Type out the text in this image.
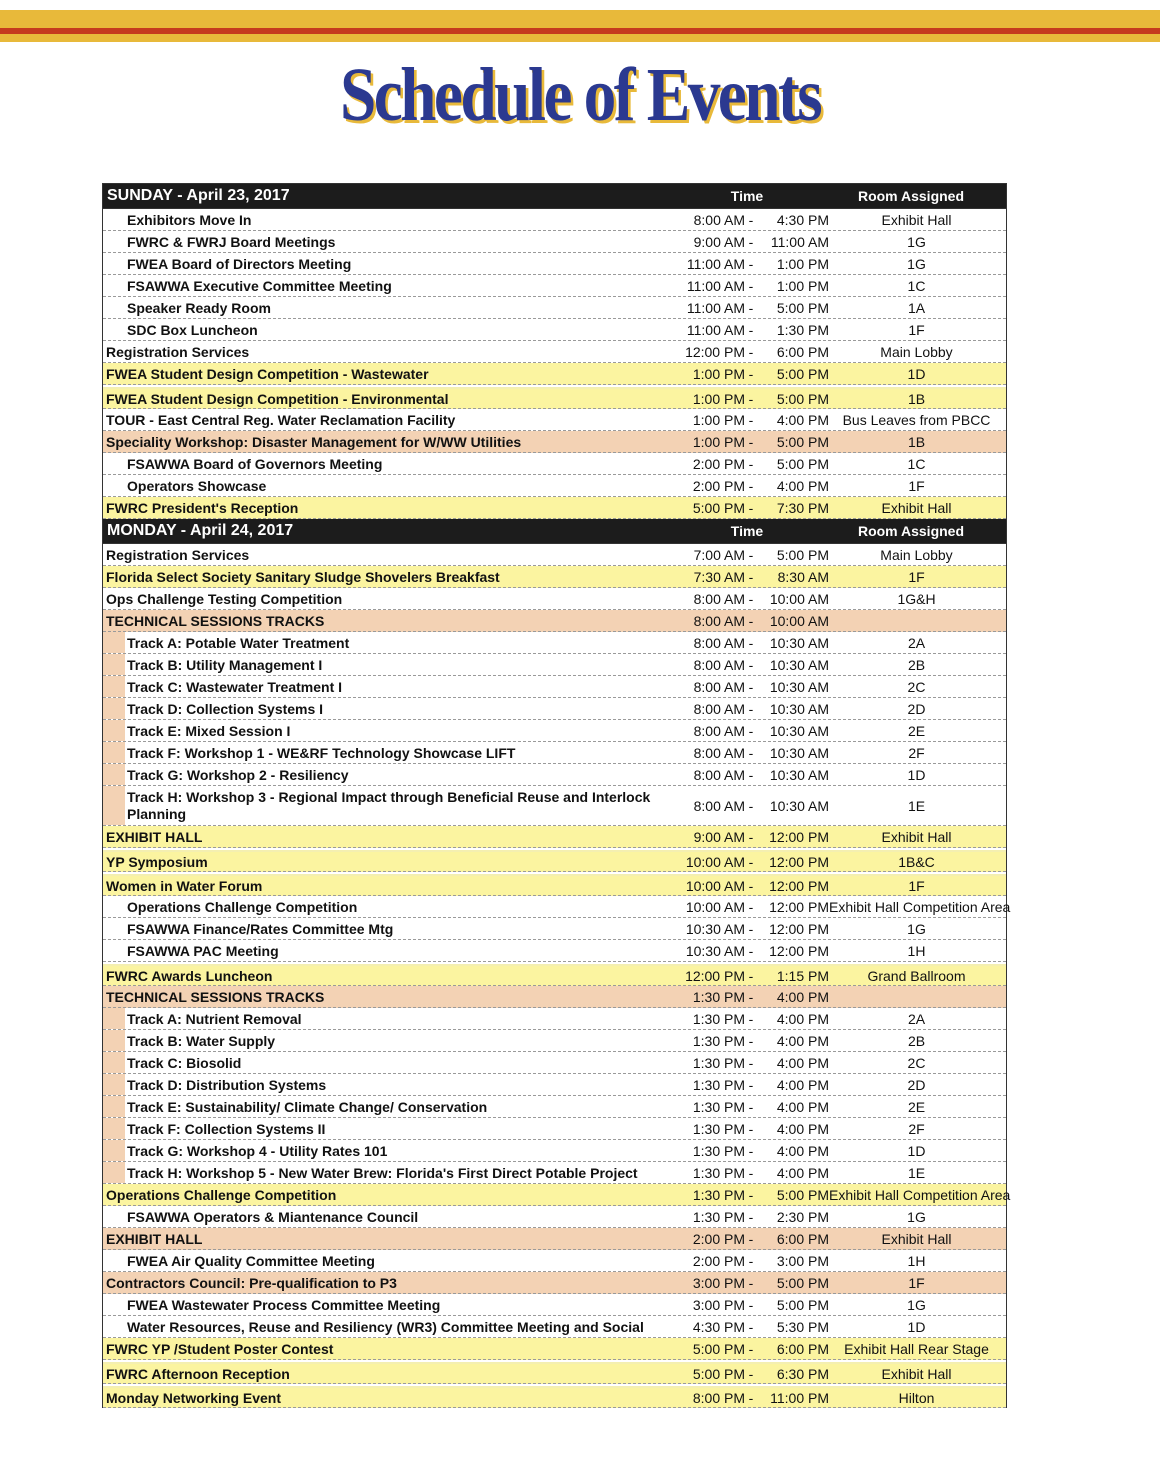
Schedule of Events
SUNDAY - April 23, 2017	Time	Room Assigned
Exhibitors Move In	8:00 AM -	4:30 PM	Exhibit Hall
FWRC & FWRJ Board Meetings	9:00 AM -	11:00 AM	1G
FWEA Board of Directors Meeting	11:00 AM -	1:00 PM	1G
FSAWWA Executive Committee Meeting	11:00 AM -	1:00 PM	1C
Speaker Ready Room	11:00 AM -	5:00 PM	1A
SDC Box Luncheon	11:00 AM -	1:30 PM	1F
Registration Services	12:00 PM -	6:00 PM	Main Lobby
FWEA Student Design Competition - Wastewater	1:00 PM -	5:00 PM	1D
FWEA Student Design Competition - Environmental	1:00 PM -	5:00 PM	1B
TOUR - East Central Reg. Water Reclamation Facility	1:00 PM -	4:00 PM Bus Leaves from PBCC
Speciality Workshop: Disaster Management for W/WW Utilities	1:00 PM -	5:00 PM	1B
FSAWWA Board of Governors Meeting	2:00 PM -	5:00 PM	1C
Operators Showcase	2:00 PM -	4:00 PM	1F
FWRC President's Reception	5:00 PM -	7:30 PM	Exhibit Hall
MONDAY - April 24, 2017	Time	Room Assigned
Registration Services	7:00 AM -	5:00 PM	Main Lobby
Florida Select Society Sanitary Sludge Shovelers Breakfast	7:30 AM -	8:30 AM	1F
Ops Challenge Testing Competition	8:00 AM -	10:00 AM	1G&H
TECHNICAL SESSIONS TRACKS	8:00 AM -	10:00 AM
Track A: Potable Water Treatment	8:00 AM -	10:30 AM	2A
Track B: Utility Management I	8:00 AM -	10:30 AM	2B
Track C: Wastewater Treatment I	8:00 AM -	10:30 AM	2C
Track D: Collection Systems I	8:00 AM -	10:30 AM	2D
Track E: Mixed Session I	8:00 AM -	10:30 AM	2E
Track F: Workshop 1 - WE&RF Technology Showcase LIFT	8:00 AM -	10:30 AM	2F
Track G: Workshop 2 - Resiliency	8:00 AM -	10:30 AM	1D
Track H: Workshop 3 - Regional Impact through Beneficial Reuse and Interlock Planning	8:00 AM -	10:30 AM	1E
EXHIBIT HALL	9:00 AM -	12:00 PM	Exhibit Hall
YP Symposium	10:00 AM -	12:00 PM	1B&C
Women in Water Forum	10:00 AM -	12:00 PM	1F
Operations Challenge Competition	10:00 AM -	12:00 PM Exhibit Hall Competition Area
FSAWWA Finance/Rates Committee Mtg	10:30 AM -	12:00 PM	1G
FSAWWA PAC Meeting	10:30 AM -	12:00 PM	1H
FWRC Awards Luncheon	12:00 PM -	1:15 PM	Grand Ballroom
TECHNICAL SESSIONS TRACKS	1:30 PM -	4:00 PM
Track A: Nutrient Removal	1:30 PM -	4:00 PM	2A
Track B: Water Supply	1:30 PM -	4:00 PM	2B
Track C: Biosolid	1:30 PM -	4:00 PM	2C
Track D: Distribution Systems	1:30 PM -	4:00 PM	2D
Track E: Sustainability/ Climate Change/ Conservation	1:30 PM -	4:00 PM	2E
Track F: Collection Systems II	1:30 PM -	4:00 PM	2F
Track G: Workshop 4 - Utility Rates 101	1:30 PM -	4:00 PM	1D
Track H: Workshop 5 - New Water Brew: Florida's First Direct Potable Project	1:30 PM -	4:00 PM	1E
Operations Challenge Competition	1:30 PM -	5:00 PM Exhibit Hall Competition Area
FSAWWA Operators & Miantenance Council	1:30 PM -	2:30 PM	1G
EXHIBIT HALL	2:00 PM -	6:00 PM	Exhibit Hall
FWEA Air Quality Committee Meeting	2:00 PM -	3:00 PM	1H
Contractors Council: Pre-qualification to P3	3:00 PM -	5:00 PM	1F
FWEA Wastewater Process Committee Meeting	3:00 PM -	5:00 PM	1G
Water Resources, Reuse and Resiliency (WR3) Committee Meeting and Social	4:30 PM -	5:30 PM	1D
FWRC YP /Student Poster Contest	5:00 PM -	6:00 PM	Exhibit Hall Rear Stage
FWRC Afternoon Reception	5:00 PM -	6:30 PM	Exhibit Hall
Monday Networking Event	8:00 PM -	11:00 PM	Hilton
